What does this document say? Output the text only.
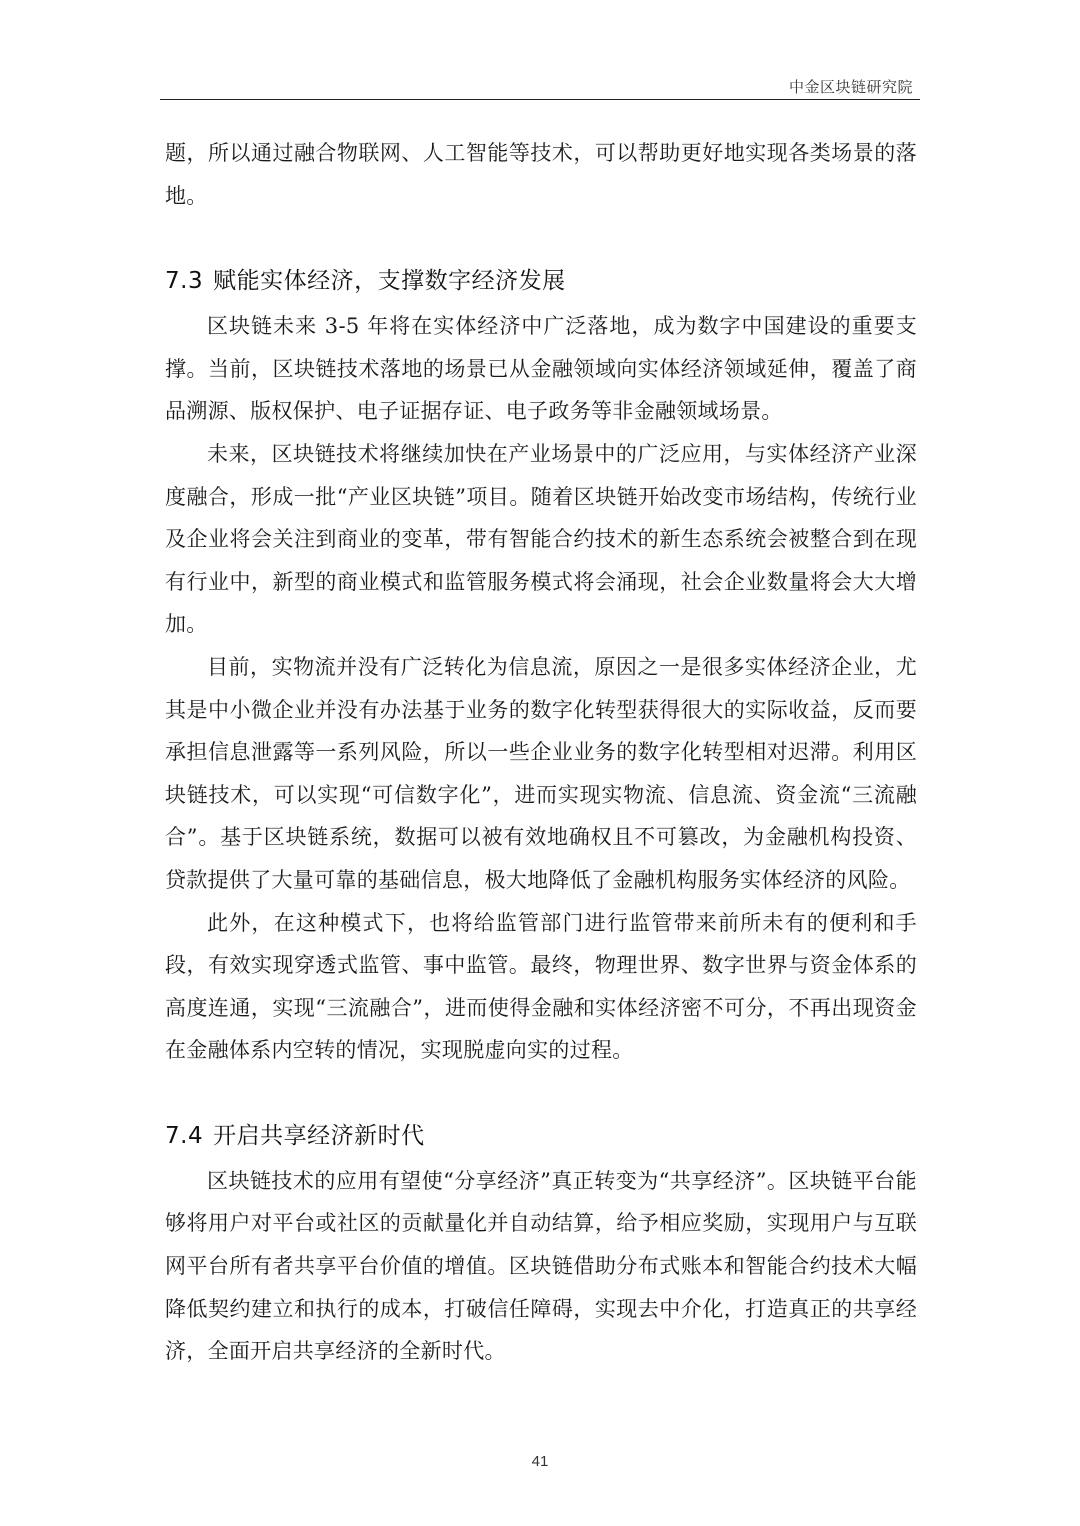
中金区块链研究院

题，所以通过融合物联网、人工智能等技术，可以帮助更好地实现各类场景的落地。

7.3 赋能实体经济，支撑数字经济发展

区块链未来 3-5 年将在实体经济中广泛落地，成为数字中国建设的重要支撑。当前，区块链技术落地的场景已从金融领域向实体经济领域延伸，覆盖了商品溯源、版权保护、电子证据存证、电子政务等非金融领域场景。

未来，区块链技术将继续加快在产业场景中的广泛应用，与实体经济产业深度融合，形成一批“产业区块链”项目。随着区块链开始改变市场结构，传统行业及企业将会关注到商业的变革，带有智能合约技术的新生态系统会被整合到在现有行业中，新型的商业模式和监管服务模式将会涌现，社会企业数量将会大大增加。

目前，实物流并没有广泛转化为信息流，原因之一是很多实体经济企业，尤其是中小微企业并没有办法基于业务的数字化转型获得很大的实际收益，反而要承担信息泄露等一系列风险，所以一些企业业务的数字化转型相对迟滞。利用区块链技术，可以实现“可信数字化”，进而实现实物流、信息流、资金流“三流融合”。基于区块链系统，数据可以被有效地确权且不可篡改，为金融机构投资、贷款提供了大量可靠的基础信息，极大地降低了金融机构服务实体经济的风险。

此外，在这种模式下，也将给监管部门进行监管带来前所未有的便利和手段，有效实现穿透式监管、事中监管。最终，物理世界、数字世界与资金体系的高度连通，实现“三流融合”，进而使得金融和实体经济密不可分，不再出现资金在金融体系内空转的情况，实现脱虚向实的过程。

7.4 开启共享经济新时代

区块链技术的应用有望使“分享经济”真正转变为“共享经济”。区块链平台能够将用户对平台或社区的贡献量化并自动结算，给予相应奖励，实现用户与互联网平台所有者共享平台价值的增值。区块链借助分布式账本和智能合约技术大幅降低契约建立和执行的成本，打破信任障碍，实现去中介化，打造真正的共享经济，全面开启共享经济的全新时代。

41
